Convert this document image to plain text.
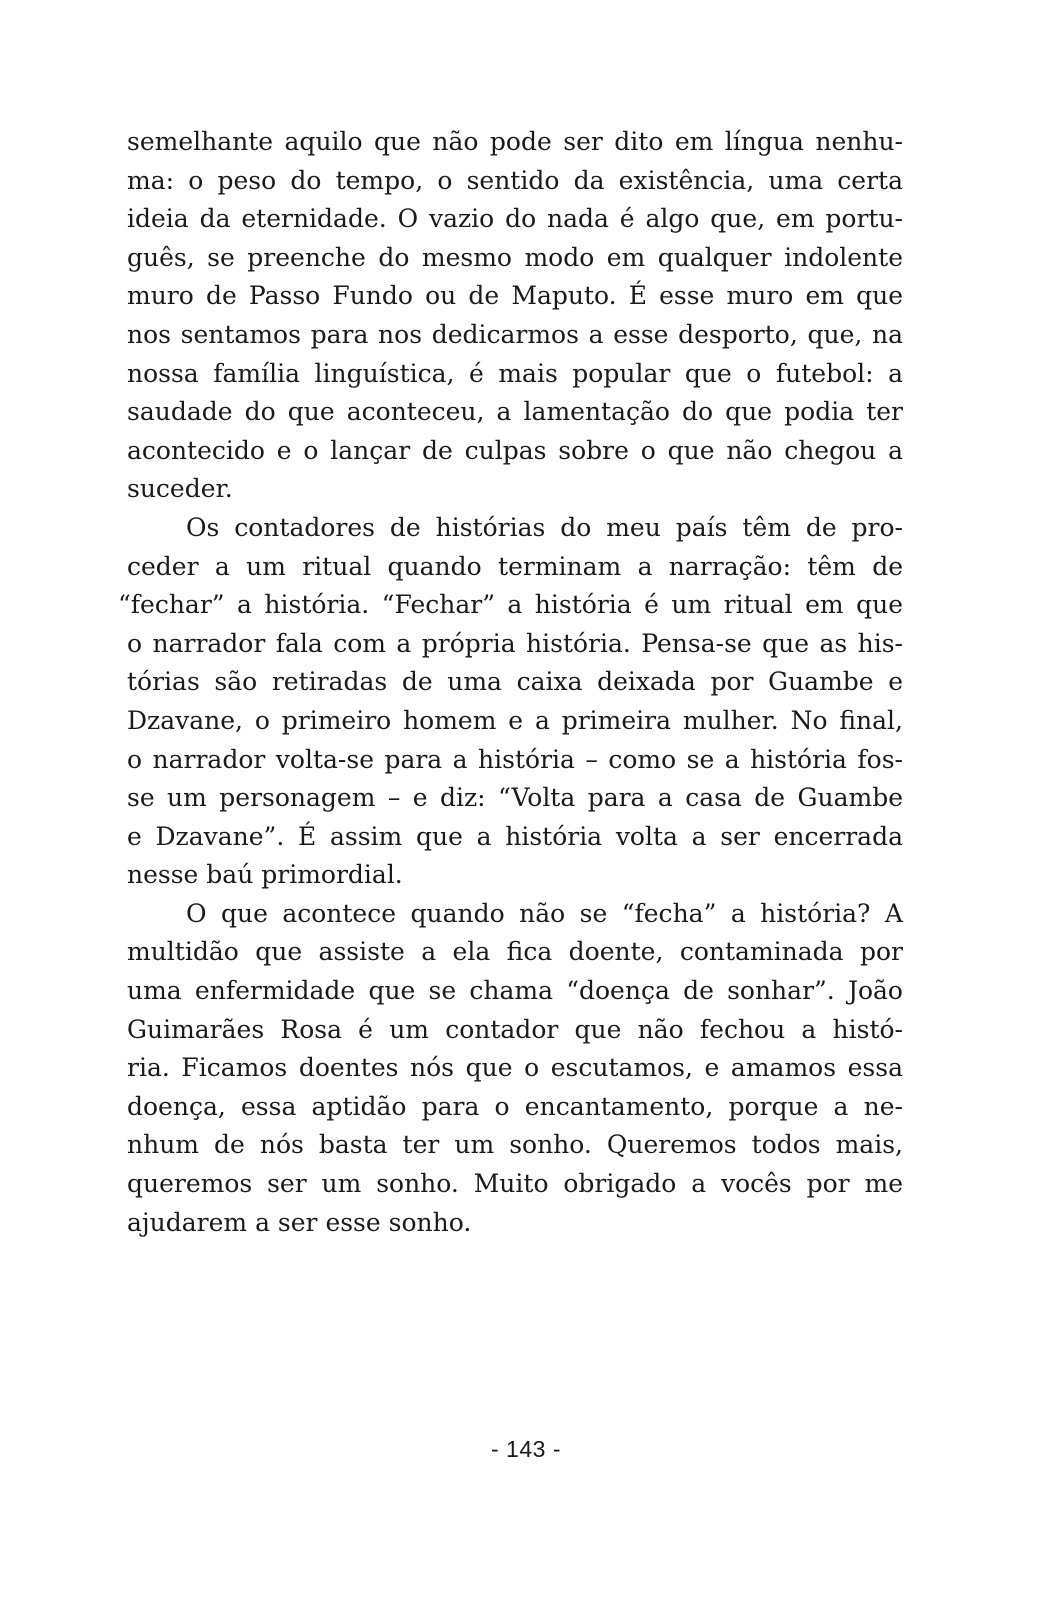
semelhante aquilo que não pode ser dito em língua nenhu-
ma: o peso do tempo, o sentido da existência, uma certa
ideia da eternidade. O vazio do nada é algo que, em portu-
guês, se preenche do mesmo modo em qualquer indolente
muro de Passo Fundo ou de Maputo. É esse muro em que
nos sentamos para nos dedicarmos a esse desporto, que, na
nossa família linguística, é mais popular que o futebol: a
saudade do que aconteceu, a lamentação do que podia ter
acontecido e o lançar de culpas sobre o que não chegou a
suceder.
Os contadores de histórias do meu país têm de pro-
ceder a um ritual quando terminam a narração: têm de
“fechar” a história. “Fechar” a história é um ritual em que
o narrador fala com a própria história. Pensa-se que as his-
tórias são retiradas de uma caixa deixada por Guambe e
Dzavane, o primeiro homem e a primeira mulher. No final,
o narrador volta-se para a história – como se a história fos-
se um personagem – e diz: “Volta para a casa de Guambe
e Dzavane”. É assim que a história volta a ser encerrada
nesse baú primordial.
O que acontece quando não se “fecha” a história? A
multidão que assiste a ela fica doente, contaminada por
uma enfermidade que se chama “doença de sonhar”. João
Guimarães Rosa é um contador que não fechou a histó-
ria. Ficamos doentes nós que o escutamos, e amamos essa
doença, essa aptidão para o encantamento, porque a ne-
nhum de nós basta ter um sonho. Queremos todos mais,
queremos ser um sonho. Muito obrigado a vocês por me
ajudarem a ser esse sonho.
- 143 -
